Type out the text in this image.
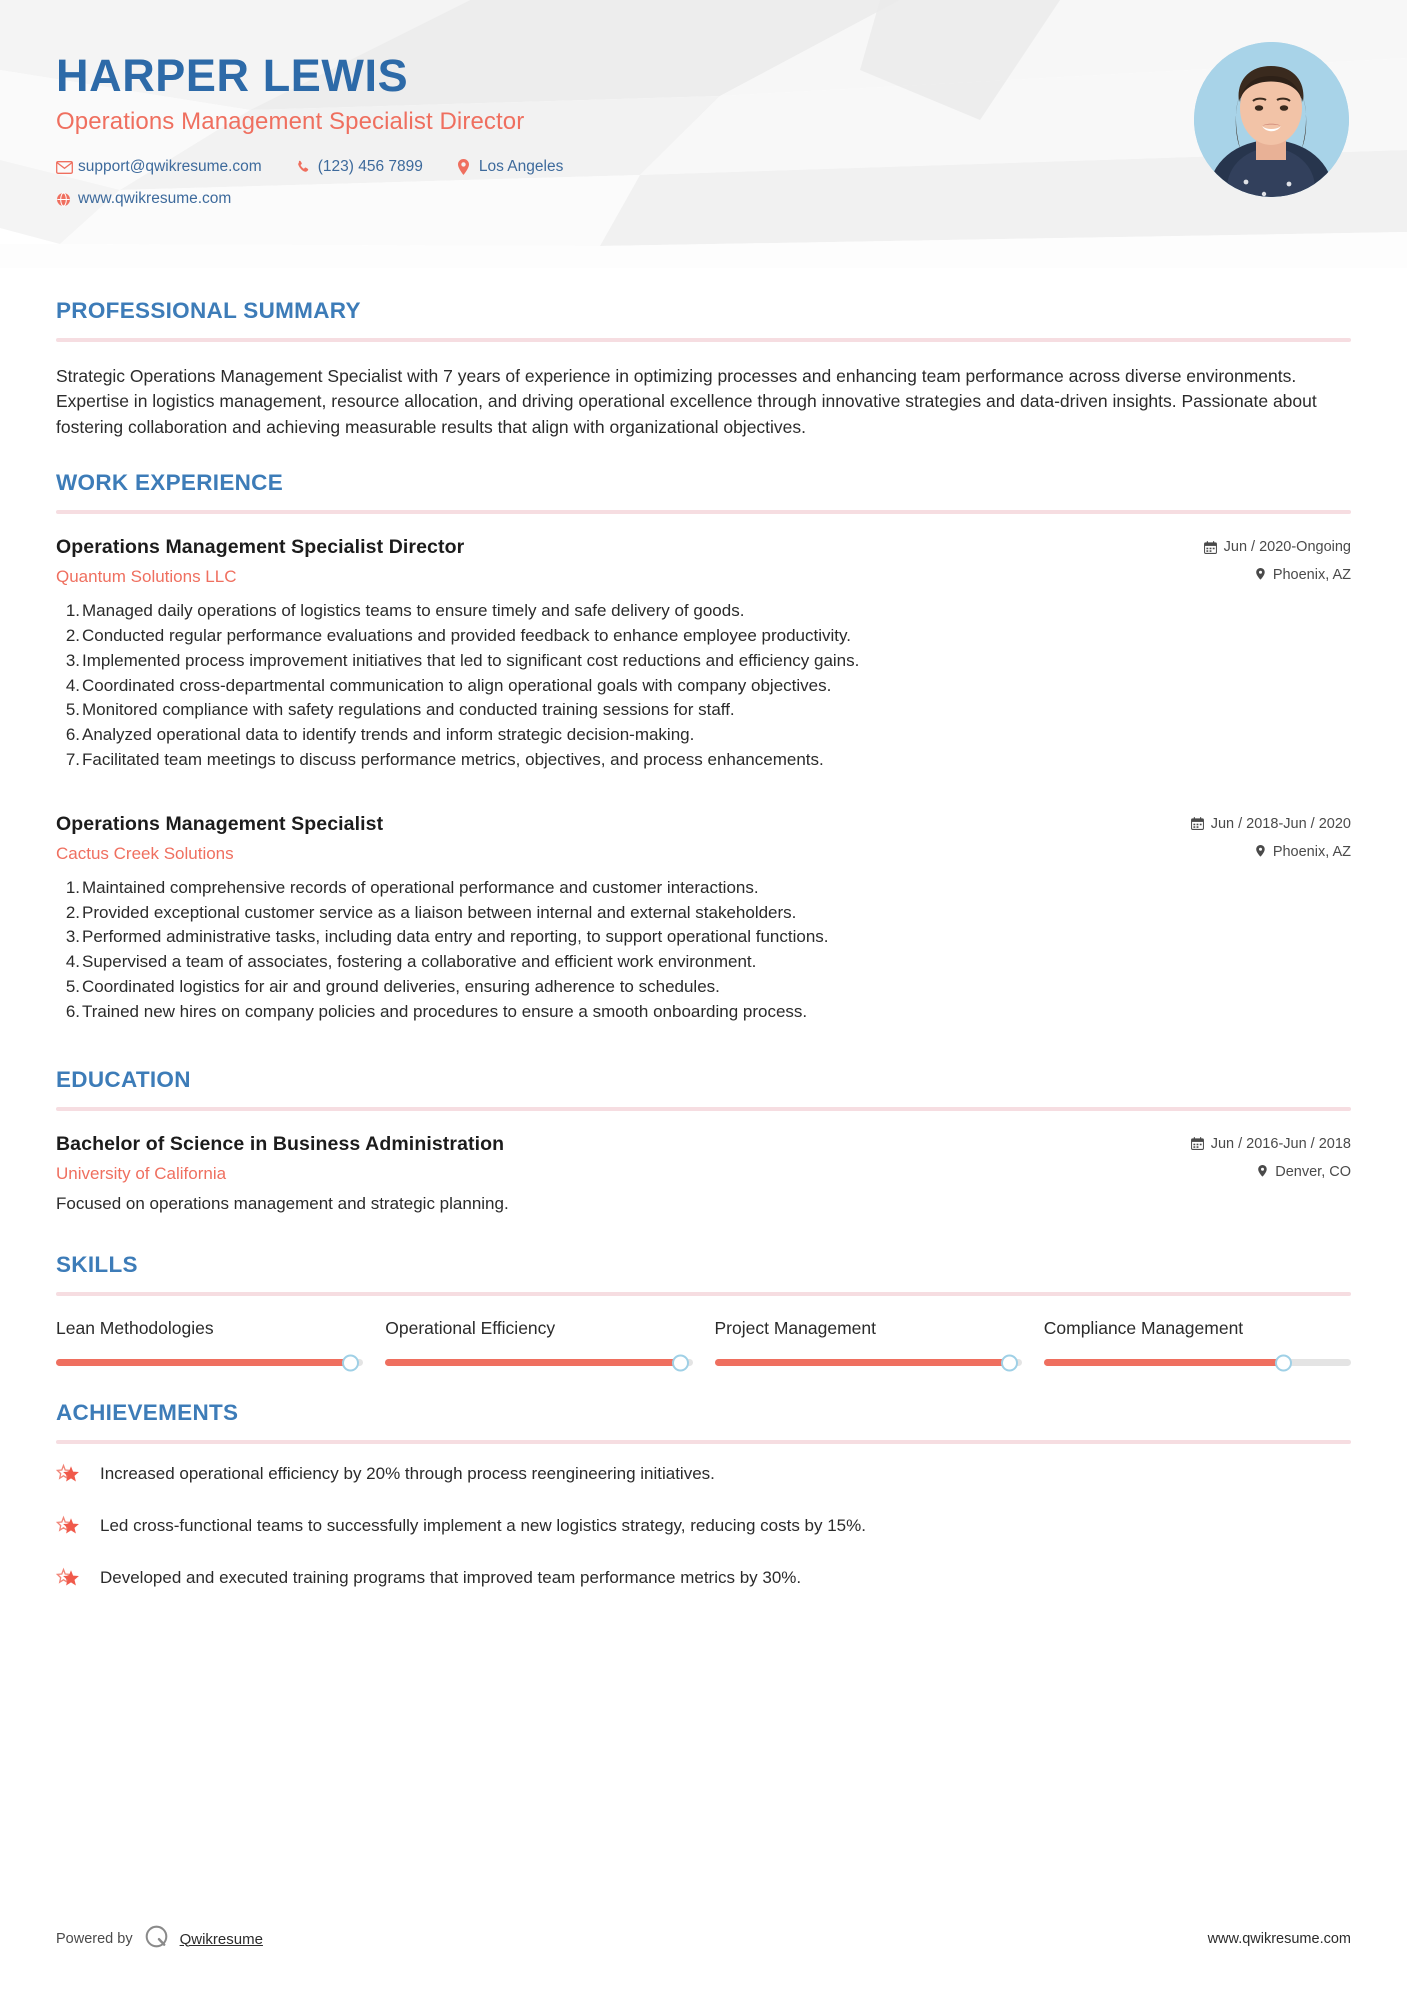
HARPER LEWIS
Operations Management Specialist Director
support@qwikresume.com	(123) 456 7899	Los Angeles
www.qwikresume.com
PROFESSIONAL SUMMARY
Strategic Operations Management Specialist with 7 years of experience in optimizing processes and enhancing team performance across diverse environments. Expertise in logistics management, resource allocation, and driving operational excellence through innovative strategies and data-driven insights. Passionate about fostering collaboration and achieving measurable results that align with organizational objectives.
WORK EXPERIENCE
Operations Management Specialist Director
Quantum Solutions LLC
Jun / 2020-Ongoing
Phoenix, AZ
1. Managed daily operations of logistics teams to ensure timely and safe delivery of goods.
2. Conducted regular performance evaluations and provided feedback to enhance employee productivity.
3. Implemented process improvement initiatives that led to significant cost reductions and efficiency gains.
4. Coordinated cross-departmental communication to align operational goals with company objectives.
5. Monitored compliance with safety regulations and conducted training sessions for staff.
6. Analyzed operational data to identify trends and inform strategic decision-making.
7. Facilitated team meetings to discuss performance metrics, objectives, and process enhancements.
Operations Management Specialist
Cactus Creek Solutions
Jun / 2018-Jun / 2020
Phoenix, AZ
1. Maintained comprehensive records of operational performance and customer interactions.
2. Provided exceptional customer service as a liaison between internal and external stakeholders.
3. Performed administrative tasks, including data entry and reporting, to support operational functions.
4. Supervised a team of associates, fostering a collaborative and efficient work environment.
5. Coordinated logistics for air and ground deliveries, ensuring adherence to schedules.
6. Trained new hires on company policies and procedures to ensure a smooth onboarding process.
EDUCATION
Bachelor of Science in Business Administration
University of California
Jun / 2016-Jun / 2018
Denver, CO
Focused on operations management and strategic planning.
SKILLS
Lean Methodologies	Operational Efficiency	Project Management	Compliance Management
ACHIEVEMENTS
Increased operational efficiency by 20% through process reengineering initiatives.
Led cross-functional teams to successfully implement a new logistics strategy, reducing costs by 15%.
Developed and executed training programs that improved team performance metrics by 30%.
Powered by	Qwikresume	www.qwikresume.com
